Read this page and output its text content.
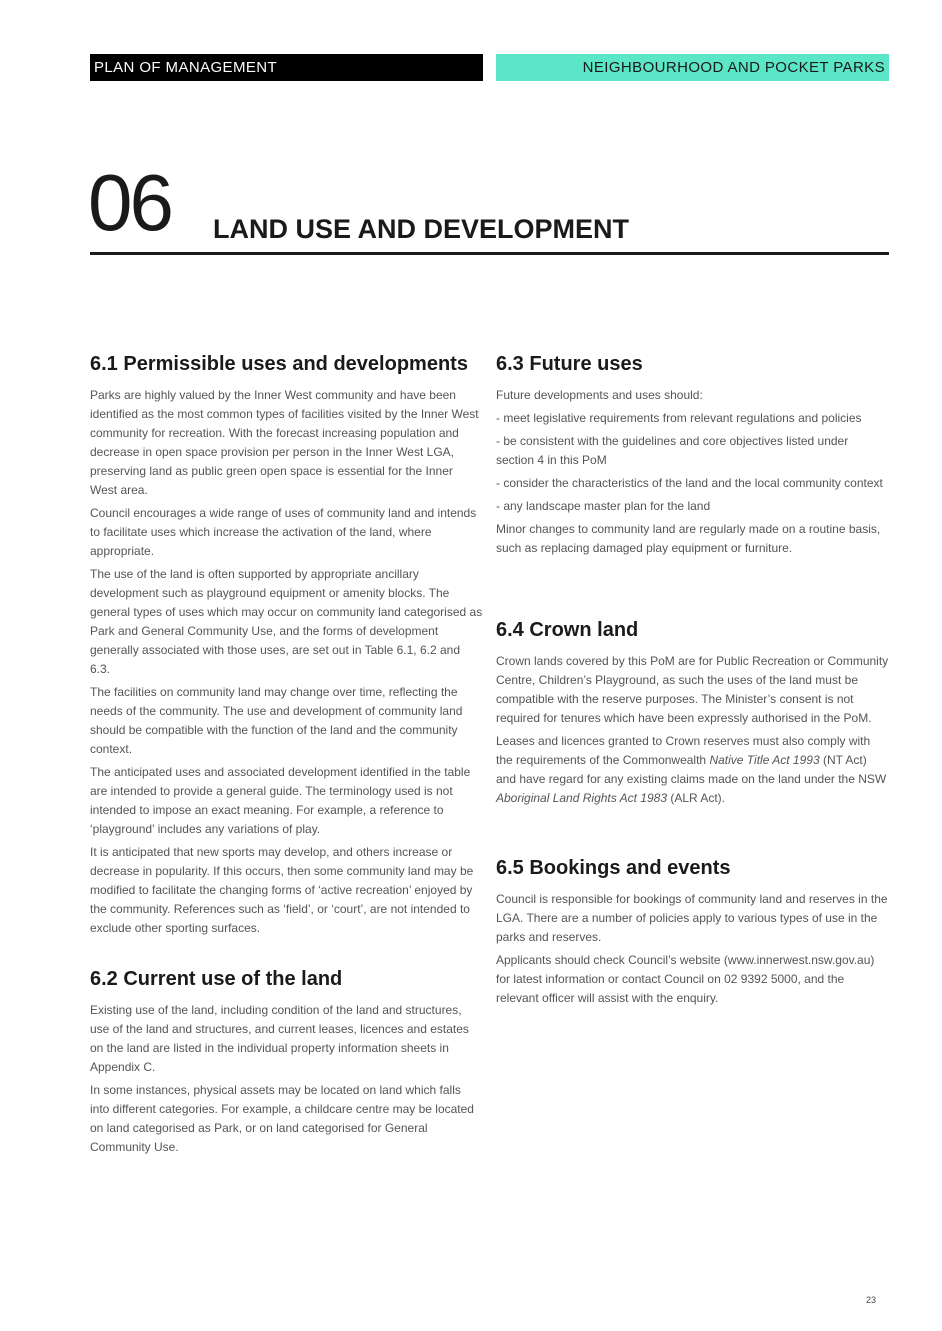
PLAN OF MANAGEMENT	NEIGHBOURHOOD AND POCKET PARKS
06 LAND USE AND DEVELOPMENT
6.1 Permissible uses and developments

Parks are highly valued by the Inner West community and have been identified as the most common types of facilities visited by the Inner West community for recreation. With the forecast increasing population and decrease in open space provision per person in the Inner West LGA, preserving land as public green open space is essential for the Inner West area.

Council encourages a wide range of uses of community land and intends to facilitate uses which increase the activation of the land, where appropriate.

The use of the land is often supported by appropriate ancillary development such as playground equipment or amenity blocks. The general types of uses which may occur on community land categorised as Park and General Community Use, and the forms of development generally associated with those uses, are set out in Table 6.1, 6.2 and 6.3.

The facilities on community land may change over time, reflecting the needs of the community. The use and development of community land should be compatible with the function of the land and the community context.

The anticipated uses and associated development identified in the table are intended to provide a general guide. The terminology used is not intended to impose an exact meaning. For example, a reference to ‘playground’ includes any variations of play.

It is anticipated that new sports may develop, and others increase or decrease in popularity. If this occurs, then some community land may be modified to facilitate the changing forms of ‘active recreation’ enjoyed by the community. References such as ‘field’, or ‘court’, are not intended to exclude other sporting surfaces.

6.2 Current use of the land

Existing use of the land, including condition of the land and structures, use of the land and structures, and current leases, licences and estates on the land are listed in the individual property information sheets in Appendix C.

In some instances, physical assets may be located on land which falls into different categories. For example, a childcare centre may be located on land categorised as Park, or on land categorised for General Community Use.

6.3 Future uses

Future developments and uses should:

- meet legislative requirements from relevant regulations and policies

- be consistent with the guidelines and core objectives listed under section 4 in this PoM

- consider the characteristics of the land and the local community context

- any landscape master plan for the land

Minor changes to community land are regularly made on a routine basis, such as replacing damaged play equipment or furniture.

6.4 Crown land

Crown lands covered by this PoM are for Public Recreation or Community Centre, Children’s Playground, as such the uses of the land must be compatible with the reserve purposes. The Minister’s consent is not required for tenures which have been expressly authorised in the PoM.

Leases and licences granted to Crown reserves must also comply with the requirements of the Commonwealth Native Title Act 1993 (NT Act) and have regard for any existing claims made on the land under the NSW Aboriginal Land Rights Act 1983 (ALR Act).

6.5 Bookings and events

Council is responsible for bookings of community land and reserves in the LGA. There are a number of policies apply to various types of use in the parks and reserves.

Applicants should check Council’s website (www.innerwest.nsw.gov.au) for latest information or contact Council on 02 9392 5000, and the relevant officer will assist with the enquiry.

23
